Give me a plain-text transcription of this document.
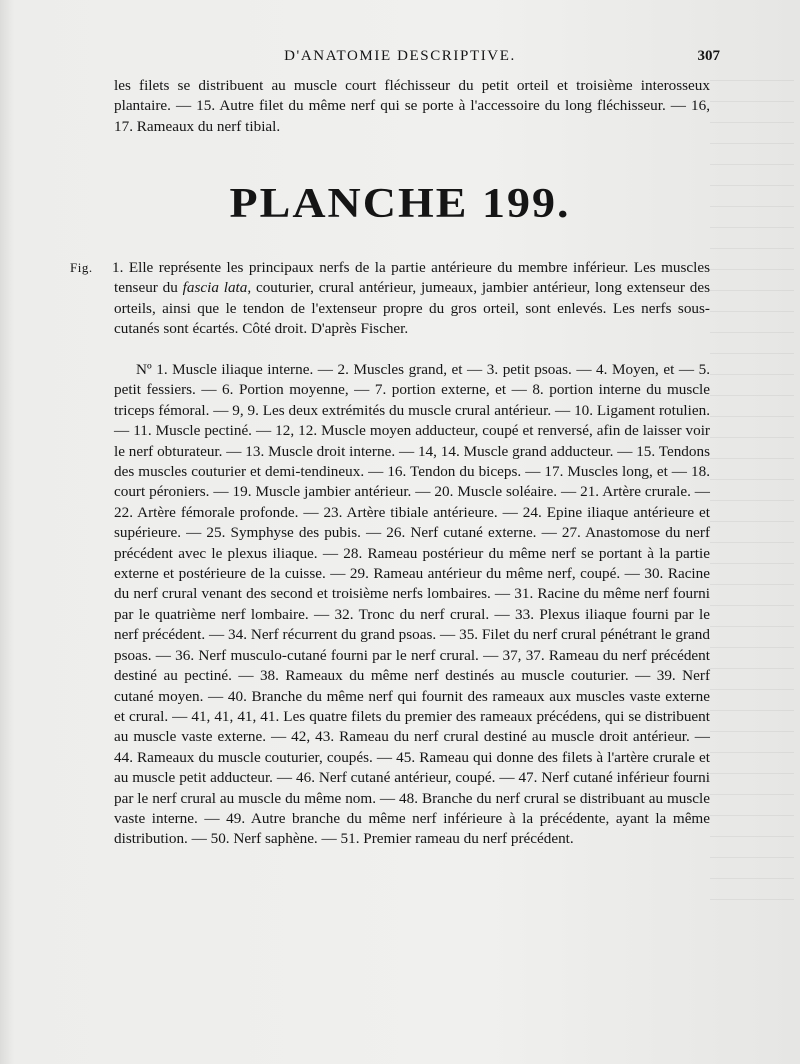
D'ANATOMIE DESCRIPTIVE.	307

les filets se distribuent au muscle court fléchisseur du petit orteil et troisième interosseux plantaire. — 15. Autre filet du même nerf qui se porte à l'accessoire du long fléchisseur. — 16, 17. Rameaux du nerf tibial.

PLANCHE 199.
Fig. 1. Elle représente les principaux nerfs de la partie antérieure du membre inférieur. Les muscles tenseur du fascia lata, couturier, crural antérieur, jumeaux, jambier antérieur, long extenseur des orteils, ainsi que le tendon de l'extenseur propre du gros orteil, sont enlevés. Les nerfs sous-cutanés sont écartés. Côté droit. D'après Fischer.

Nº 1. Muscle iliaque interne. — 2. Muscles grand, et — 3. petit psoas. — 4. Moyen, et — 5. petit fessiers. — 6. Portion moyenne, — 7. portion externe, et — 8. portion interne du muscle triceps fémoral. — 9, 9. Les deux extrémités du muscle crural antérieur. — 10. Ligament rotulien. — 11. Muscle pectiné. — 12, 12. Muscle moyen adducteur, coupé et renversé, afin de laisser voir le nerf obturateur. — 13. Muscle droit interne. — 14, 14. Muscle grand adducteur. — 15. Tendons des muscles couturier et demi-tendineux. — 16. Tendon du biceps. — 17. Muscles long, et — 18. court péroniers. — 19. Muscle jambier antérieur. — 20. Muscle soléaire. — 21. Artère crurale. — 22. Artère fémorale profonde. — 23. Artère tibiale antérieure. — 24. Epine iliaque antérieure et supérieure. — 25. Symphyse des pubis. — 26. Nerf cutané externe. — 27. Anastomose du nerf précédent avec le plexus iliaque. — 28. Rameau postérieur du même nerf se portant à la partie externe et postérieure de la cuisse. — 29. Rameau antérieur du même nerf, coupé. — 30. Racine du nerf crural venant des second et troisième nerfs lombaires. — 31. Racine du même nerf fourni par le quatrième nerf lombaire. — 32. Tronc du nerf crural. — 33. Plexus iliaque fourni par le nerf précédent. — 34. Nerf récurrent du grand psoas. — 35. Filet du nerf crural pénétrant le grand psoas. — 36. Nerf musculo-cutané fourni par le nerf crural. — 37, 37. Rameau du nerf précédent destiné au pectiné. — 38. Rameaux du même nerf destinés au muscle couturier. — 39. Nerf cutané moyen. — 40. Branche du même nerf qui fournit des rameaux aux muscles vaste externe et crural. — 41, 41, 41, 41. Les quatre filets du premier des rameaux précédens, qui se distribuent au muscle vaste externe. — 42, 43. Rameau du nerf crural destiné au muscle droit antérieur. — 44. Rameaux du muscle couturier, coupés. — 45. Rameau qui donne des filets à l'artère crurale et au muscle petit adducteur. — 46. Nerf cutané antérieur, coupé. — 47. Nerf cutané inférieur fourni par le nerf crural au muscle du même nom. — 48. Branche du nerf crural se distribuant au muscle vaste interne. — 49. Autre branche du même nerf inférieure à la précédente, ayant la même distribution. — 50. Nerf saphène. — 51. Premier rameau du nerf précédent.
